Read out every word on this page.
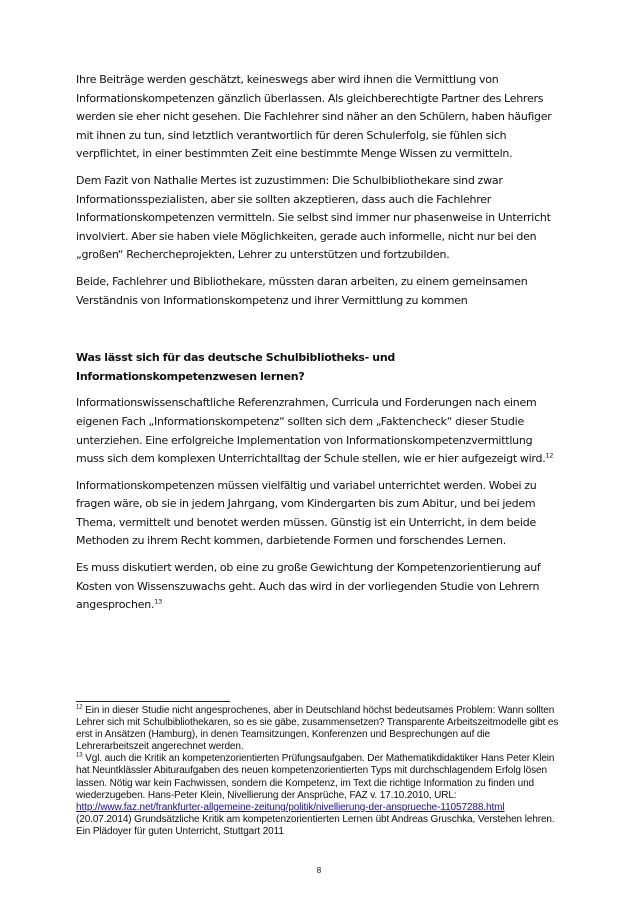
Ihre Beiträge werden geschätzt, keineswegs aber wird ihnen die Vermittlung von Informationskompetenzen gänzlich überlassen. Als gleichberechtigte Partner des Lehrers werden sie eher nicht gesehen. Die Fachlehrer sind näher an den Schülern, haben häufiger mit ihnen zu tun, sind letztlich verantwortlich für deren Schulerfolg, sie fühlen sich verpflichtet, in einer bestimmten Zeit eine bestimmte Menge Wissen zu vermitteln.

Dem Fazit von Nathalie Mertes ist zuzustimmen: Die Schulbibliothekare sind zwar Informationsspezialisten, aber sie sollten akzeptieren, dass auch die Fachlehrer Informationskompetenzen vermitteln. Sie selbst sind immer nur phasenweise in Unterricht involviert. Aber sie haben viele Möglichkeiten, gerade auch informelle, nicht nur bei den „großen“ Rechercheprojekten, Lehrer zu unterstützen und fortzubilden.

Beide, Fachlehrer und Bibliothekare, müssten daran arbeiten, zu einem gemeinsamen Verständnis von Informationskompetenz und ihrer Vermittlung zu kommen

Was lässt sich für das deutsche Schulbibliotheks- und Informationskompetenzwesen lernen?

Informationswissenschaftliche Referenzrahmen, Curricula und Forderungen nach einem eigenen Fach „Informationskompetenz“ sollten sich dem „Faktencheck“ dieser Studie unterziehen. Eine erfolgreiche Implementation von Informationskompetenzvermittlung muss sich dem komplexen Unterrichtalltag der Schule stellen, wie er hier aufgezeigt wird.$^{12}$

Informationskompetenzen müssen vielfältig und variabel unterrichtet werden. Wobei zu fragen wäre, ob sie in jedem Jahrgang, vom Kindergarten bis zum Abitur, und bei jedem Thema, vermittelt und benotet werden müssen. Günstig ist ein Unterricht, in dem beide Methoden zu ihrem Recht kommen, darbietende Formen und forschendes Lernen.

Es muss diskutiert werden, ob eine zu große Gewichtung der Kompetenzorientierung auf Kosten von Wissenszuwachs geht. Auch das wird in der vorliegenden Studie von Lehrern angesprochen.$^{13}$

$^{12}$ Ein in dieser Studie nicht angesprochenes, aber in Deutschland höchst bedeutsames Problem: Wann sollten Lehrer sich mit Schulbibliothekaren, so es sie gäbe, zusammensetzen? Transparente Arbeitszeitmodelle gibt es erst in Ansätzen (Hamburg), in denen Teamsitzungen, Konferenzen und Besprechungen auf die Lehrerarbeitszeit angerechnet werden.

$^{13}$ Vgl. auch die Kritik an kompetenzorientierten Prüfungsaufgaben. Der Mathematikdidaktiker Hans Peter Klein hat Neuntklässler Abituraufgaben des neuen kompetenzorientierten Typs mit durchschlagendem Erfolg lösen lassen. Nötig war kein Fachwissen, sondern die Kompetenz, im Text die richtige Information zu finden und wiederzugeben. Hans-Peter Klein, Nivellierung der Ansprüche, FAZ v. 17.10.2010, URL: http://www.faz.net/frankfurter-allgemeine-zeitung/politik/nivellierung-der-ansprueche-11057288.html (20.07.2014) Grundsätzliche Kritik am kompetenzorientierten Lernen übt Andreas Gruschka, Verstehen lehren. Ein Plädoyer für guten Unterricht, Stuttgart 2011

8
